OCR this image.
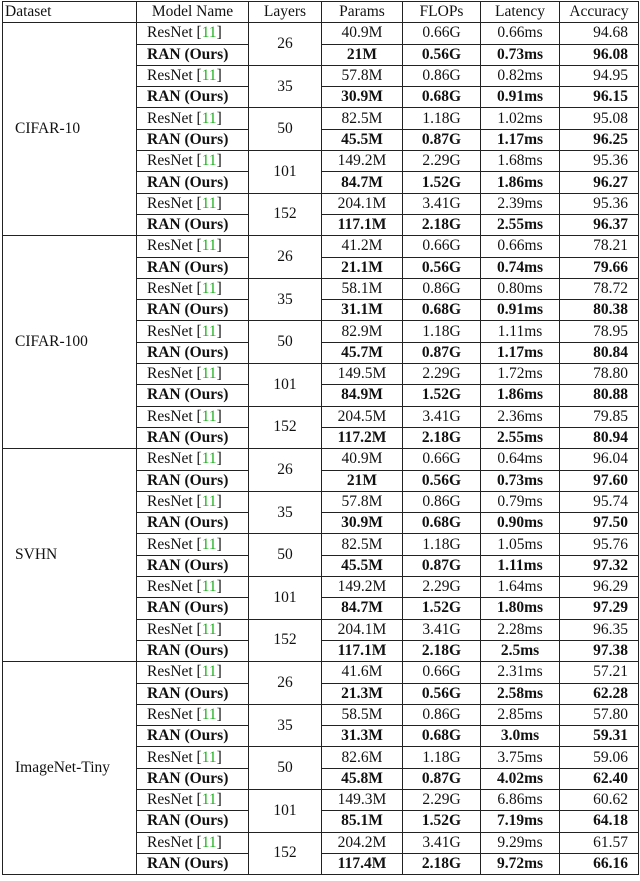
Dataset	Model Name	Layers	Params	FLOPs	Latency	Accuracy
CIFAR-10	ResNet [11]	26	40.9M	0.66G	0.66ms	94.68
	RAN (Ours)		21M	0.56G	0.73ms	96.08
	ResNet [11]	35	57.8M	0.86G	0.82ms	94.95
	RAN (Ours)		30.9M	0.68G	0.91ms	96.15
	ResNet [11]	50	82.5M	1.18G	1.02ms	95.08
	RAN (Ours)		45.5M	0.87G	1.17ms	96.25
	ResNet [11]	101	149.2M	2.29G	1.68ms	95.36
	RAN (Ours)		84.7M	1.52G	1.86ms	96.27
	ResNet [11]	152	204.1M	3.41G	2.39ms	95.36
	RAN (Ours)		117.1M	2.18G	2.55ms	96.37
CIFAR-100	ResNet [11]	26	41.2M	0.66G	0.66ms	78.21
	RAN (Ours)		21.1M	0.56G	0.74ms	79.66
	ResNet [11]	35	58.1M	0.86G	0.80ms	78.72
	RAN (Ours)		31.1M	0.68G	0.91ms	80.38
	ResNet [11]	50	82.9M	1.18G	1.11ms	78.95
	RAN (Ours)		45.7M	0.87G	1.17ms	80.84
	ResNet [11]	101	149.5M	2.29G	1.72ms	78.80
	RAN (Ours)		84.9M	1.52G	1.86ms	80.88
	ResNet [11]	152	204.5M	3.41G	2.36ms	79.85
	RAN (Ours)		117.2M	2.18G	2.55ms	80.94
SVHN	ResNet [11]	26	40.9M	0.66G	0.64ms	96.04
	RAN (Ours)		21M	0.56G	0.73ms	97.60
	ResNet [11]	35	57.8M	0.86G	0.79ms	95.74
	RAN (Ours)		30.9M	0.68G	0.90ms	97.50
	ResNet [11]	50	82.5M	1.18G	1.05ms	95.76
	RAN (Ours)		45.5M	0.87G	1.11ms	97.32
	ResNet [11]	101	149.2M	2.29G	1.64ms	96.29
	RAN (Ours)		84.7M	1.52G	1.80ms	97.29
	ResNet [11]	152	204.1M	3.41G	2.28ms	96.35
	RAN (Ours)		117.1M	2.18G	2.5ms	97.38
ImageNet-Tiny	ResNet [11]	26	41.6M	0.66G	2.31ms	57.21
	RAN (Ours)		21.3M	0.56G	2.58ms	62.28
	ResNet [11]	35	58.5M	0.86G	2.85ms	57.80
	RAN (Ours)		31.3M	0.68G	3.0ms	59.31
	ResNet [11]	50	82.6M	1.18G	3.75ms	59.06
	RAN (Ours)		45.8M	0.87G	4.02ms	62.40
	ResNet [11]	101	149.3M	2.29G	6.86ms	60.62
	RAN (Ours)		85.1M	1.52G	7.19ms	64.18
	ResNet [11]	152	204.2M	3.41G	9.29ms	61.57
	RAN (Ours)		117.4M	2.18G	9.72ms	66.16
